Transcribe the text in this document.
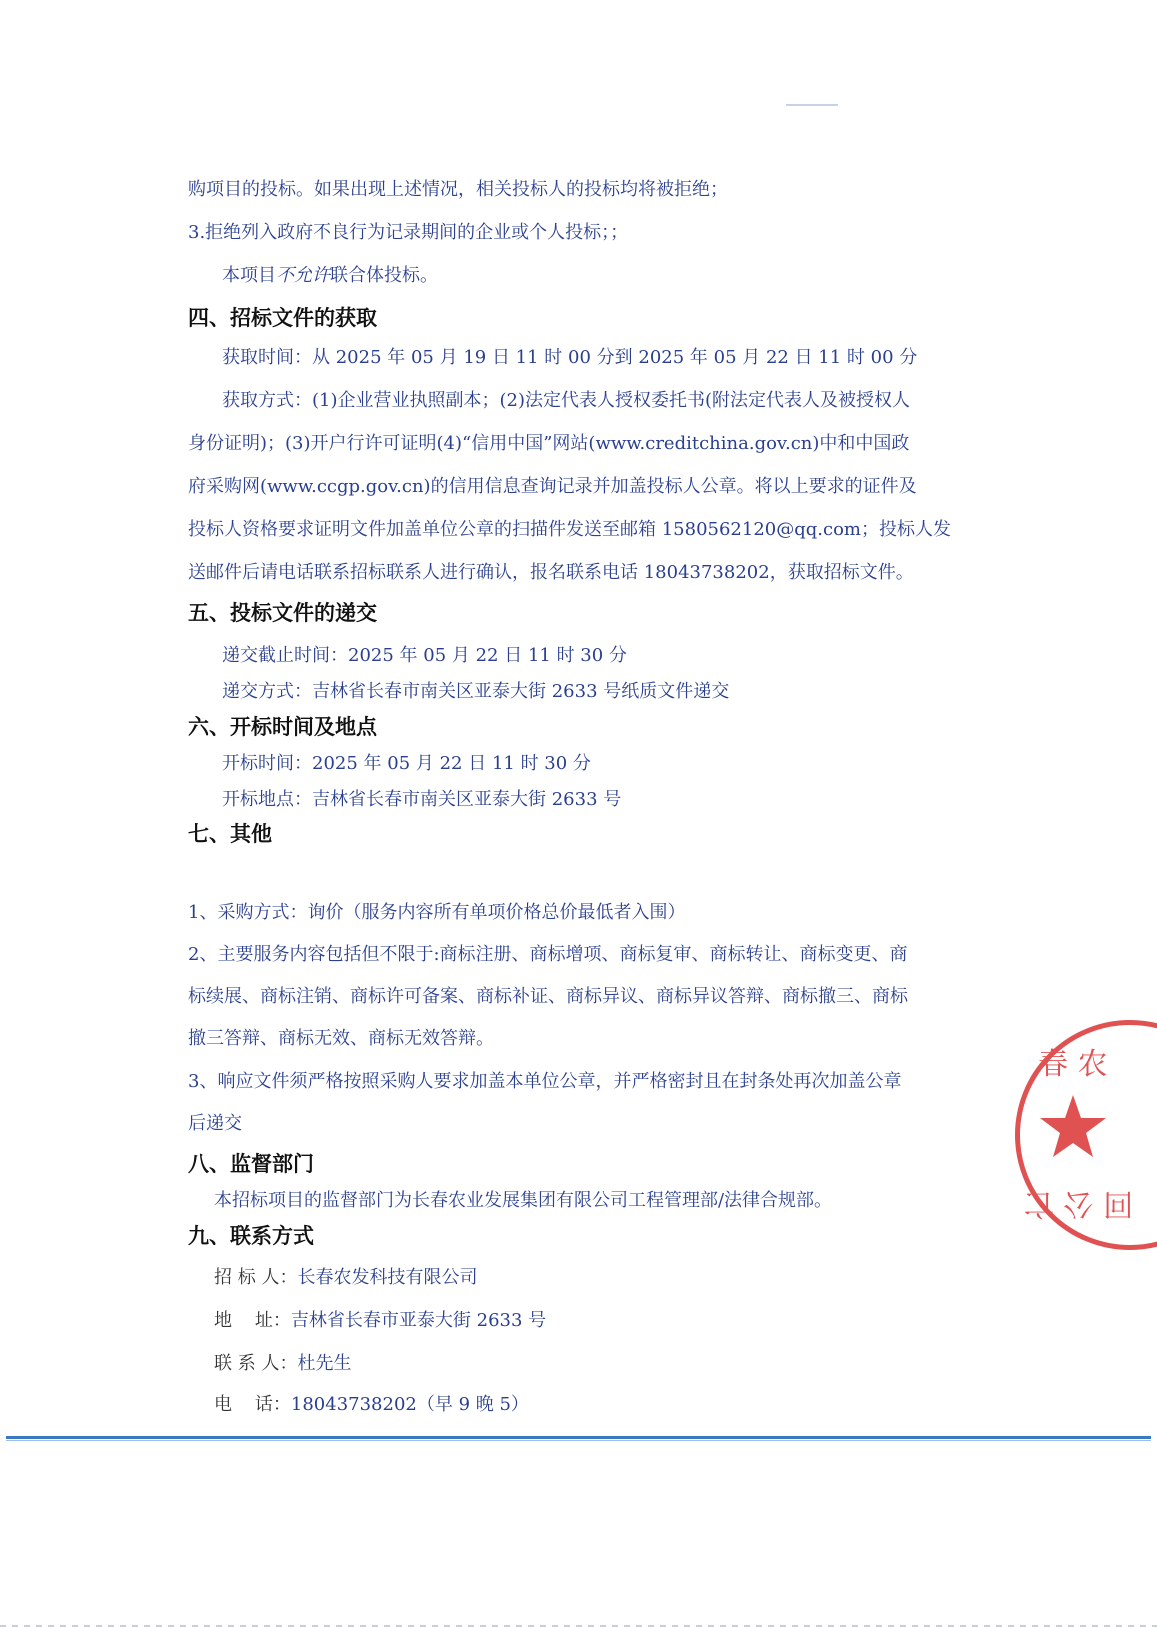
购项目的投标。如果出现上述情况，相关投标人的投标均将被拒绝；
3.拒绝列入政府不良行为记录期间的企业或个人投标；；
本项目不允许联合体投标。
四、招标文件的获取
获取时间：从 2025 年 05 月 19 日 11 时 00 分到 2025 年 05 月 22 日 11 时 00 分
获取方式：(1)企业营业执照副本；(2)法定代表人授权委托书(附法定代表人及被授权人
身份证明)；(3)开户行许可证明(4)“信用中国”网站(www.creditchina.gov.cn)中和中国政
府采购网(www.ccgp.gov.cn)的信用信息查询记录并加盖投标人公章。将以上要求的证件及
投标人资格要求证明文件加盖单位公章的扫描件发送至邮箱 1580562120@qq.com；投标人发
送邮件后请电话联系招标联系人进行确认，报名联系电话 18043738202，获取招标文件。
五、投标文件的递交
递交截止时间：2025 年 05 月 22 日 11 时 30 分
递交方式：吉林省长春市南关区亚泰大街 2633 号纸质文件递交
六、开标时间及地点
开标时间：2025 年 05 月 22 日 11 时 30 分
开标地点：吉林省长春市南关区亚泰大街 2633 号
七、其他
1、采购方式：询价（服务内容所有单项价格总价最低者入围）
2、主要服务内容包括但不限于:商标注册、商标增项、商标复审、商标转让、商标变更、商
标续展、商标注销、商标许可备案、商标补证、商标异议、商标异议答辩、商标撤三、商标
撤三答辩、商标无效、商标无效答辩。
3、响应文件须严格按照采购人要求加盖本单位公章，并严格密封且在封条处再次加盖公章
后递交
八、监督部门
本招标项目的监督部门为长春农业发展集团有限公司工程管理部/法律合规部。
九、联系方式
招 标 人：长春农发科技有限公司
地    址：吉林省长春市亚泰大街 2633 号
联 系 人：杜先生
电    话：18043738202（早 9 晚 5）
春 农
回 公 亡
